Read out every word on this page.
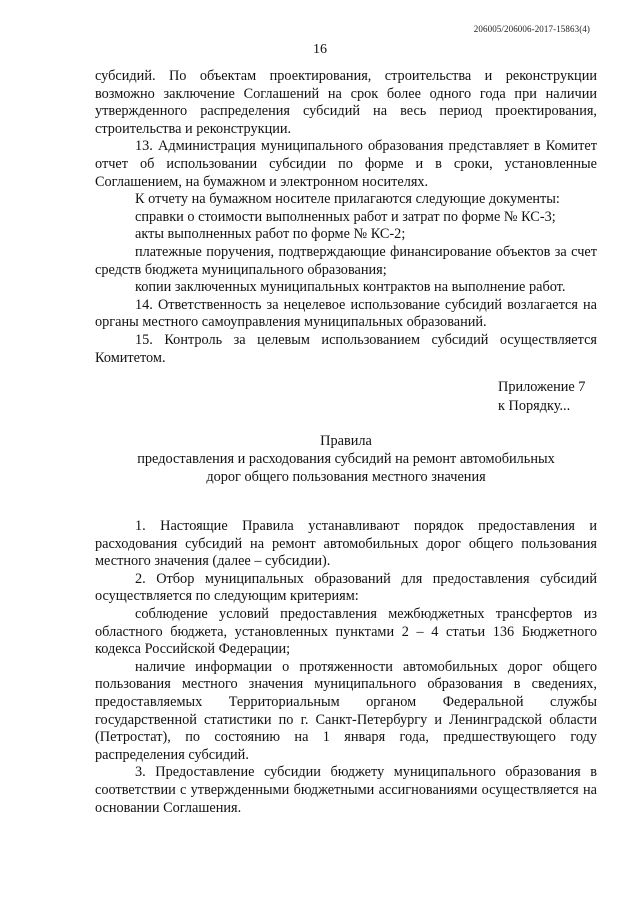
206005/206006-2017-15863(4)
16

субсидий. По объектам проектирования, строительства и реконструкции возможно заключение Соглашений на срок более одного года при наличии утвержденного распределения субсидий на весь период проектирования, строительства и реконструкции.

13. Администрация муниципального образования представляет в Комитет отчет об использовании субсидии по форме и в сроки, установленные Соглашением, на бумажном и электронном носителях.

К отчету на бумажном носителе прилагаются следующие документы:

справки о стоимости выполненных работ и затрат по форме № КС-3;

акты выполненных работ по форме № КС-2;

платежные поручения, подтверждающие финансирование объектов за счет средств бюджета муниципального образования;

копии заключенных муниципальных контрактов на выполнение работ.

14. Ответственность за нецелевое использование субсидий возлагается на органы местного самоуправления муниципальных образований.

15. Контроль за целевым использованием субсидий осуществляется Комитетом.

Приложение 7
к Порядку...
Правила
предоставления и расходования субсидий на ремонт автомобильных
дорог общего пользования местного значения

1. Настоящие Правила устанавливают порядок предоставления и расходования субсидий на ремонт автомобильных дорог общего пользования местного значения (далее – субсидии).

2. Отбор муниципальных образований для предоставления субсидий осуществляется по следующим критериям:

соблюдение условий предоставления межбюджетных трансфертов из областного бюджета, установленных пунктами 2 – 4 статьи 136 Бюджетного кодекса Российской Федерации;

наличие информации о протяженности автомобильных дорог общего пользования местного значения муниципального образования в сведениях, предоставляемых Территориальным органом Федеральной службы государственной статистики по г. Санкт-Петербургу и Ленинградской области (Петростат), по состоянию на 1 января года, предшествующего году распределения субсидий.

3. Предоставление субсидии бюджету муниципального образования в соответствии с утвержденными бюджетными ассигнованиями осуществляется на основании Соглашения.
